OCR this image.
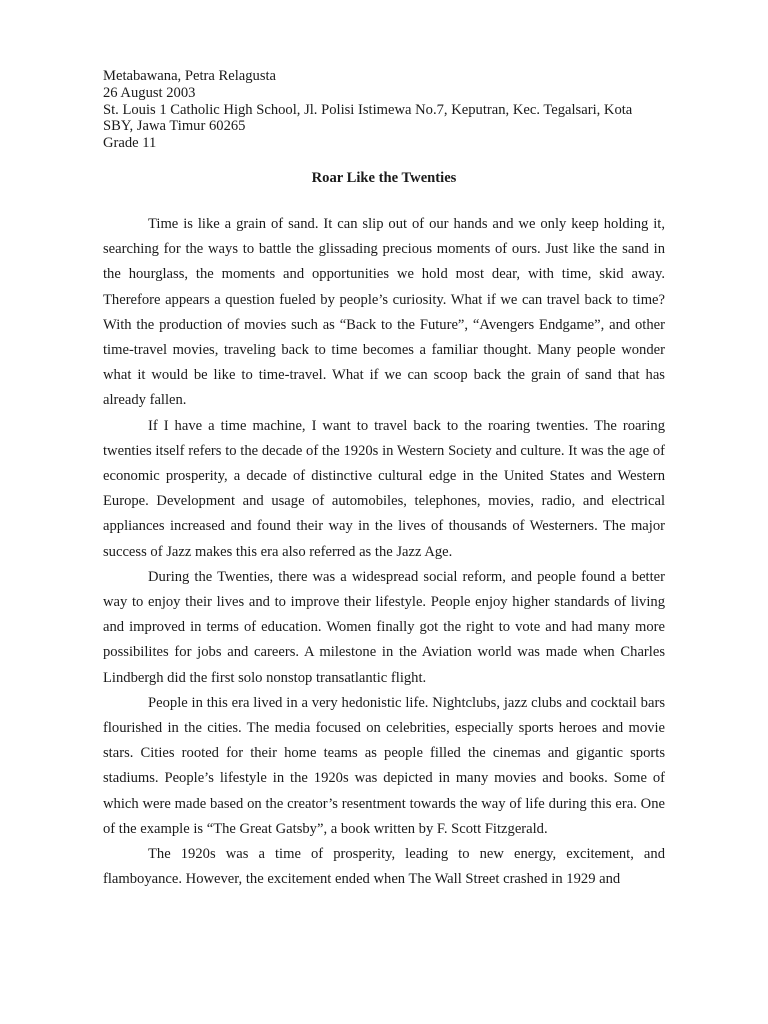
Metabawana, Petra Relagusta
26 August 2003
St. Louis 1 Catholic High School, Jl. Polisi Istimewa No.7, Keputran, Kec. Tegalsari, Kota SBY, Jawa Timur 60265
Grade 11
Roar Like the Twenties

Time is like a grain of sand. It can slip out of our hands and we only keep holding it, searching for the ways to battle the glissading precious moments of ours. Just like the sand in the hourglass, the moments and opportunities we hold most dear, with time, skid away. Therefore appears a question fueled by people’s curiosity. What if we can travel back to time? With the production of movies such as “Back to the Future”, “Avengers Endgame”, and other time-travel movies, traveling back to time becomes a familiar thought. Many people wonder what it would be like to time-travel. What if we can scoop back the grain of sand that has already fallen.

If I have a time machine, I want to travel back to the roaring twenties. The roaring twenties itself refers to the decade of the 1920s in Western Society and culture. It was the age of economic prosperity, a decade of distinctive cultural edge in the United States and Western Europe. Development and usage of automobiles, telephones, movies, radio, and electrical appliances increased and found their way in the lives of thousands of Westerners. The major success of Jazz makes this era also referred as the Jazz Age.

During the Twenties, there was a widespread social reform, and people found a better way to enjoy their lives and to improve their lifestyle. People enjoy higher standards of living and improved in terms of education. Women finally got the right to vote and had many more possibilites for jobs and careers. A milestone in the Aviation world was made when Charles Lindbergh did the first solo nonstop transatlantic flight.

People in this era lived in a very hedonistic life. Nightclubs, jazz clubs and cocktail bars flourished in the cities. The media focused on celebrities, especially sports heroes and movie stars. Cities rooted for their home teams as people filled the cinemas and gigantic sports stadiums. People’s lifestyle in the 1920s was depicted in many movies and books. Some of which were made based on the creator’s resentment towards the way of life during this era. One of the example is “The Great Gatsby”, a book written by F. Scott Fitzgerald.

The 1920s was a time of prosperity, leading to new energy, excitement, and flamboyance. However, the excitement ended when The Wall Street crashed in 1929 and
